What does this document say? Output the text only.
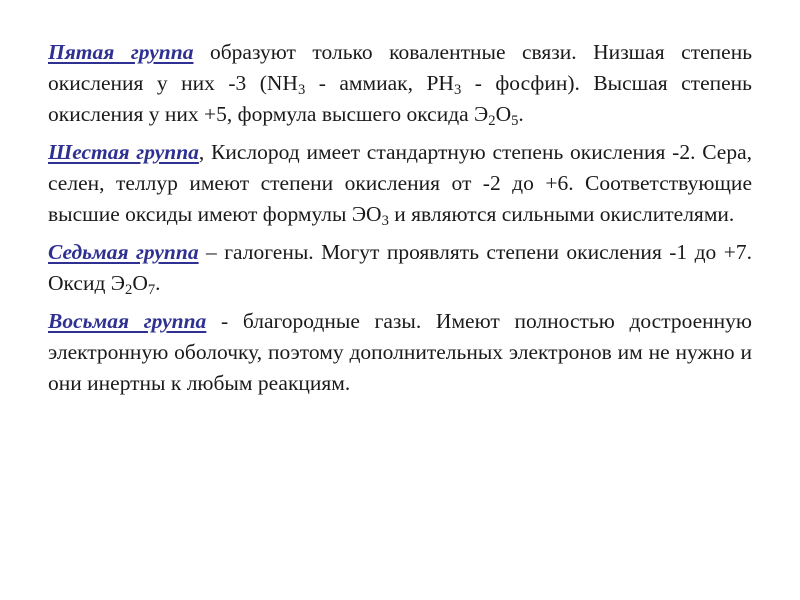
Пятая группа образуют только ковалентные связи. Низшая степень окисления у них -3 ($NH_3$ - аммиак, $PH_3$ - фосфин). Высшая степень окисления у них +5, формула высшего оксида $Э_2O_5$.

Шестая группа, Кислород имеет стандартную степень окисления -2. Сера, селен, теллур имеют степени окисления от -2 до +6. Соответствующие высшие оксиды имеют формулы $ЭO_3$ и являются сильными окислителями.

Седьмая группа – галогены. Могут проявлять степени окисления -1 до +7. Оксид $Э_2O_7$.

Восьмая группа - благородные газы. Имеют полностью достроенную электронную оболочку, поэтому дополнительных электронов им не нужно и они инертны к любым реакциям.
